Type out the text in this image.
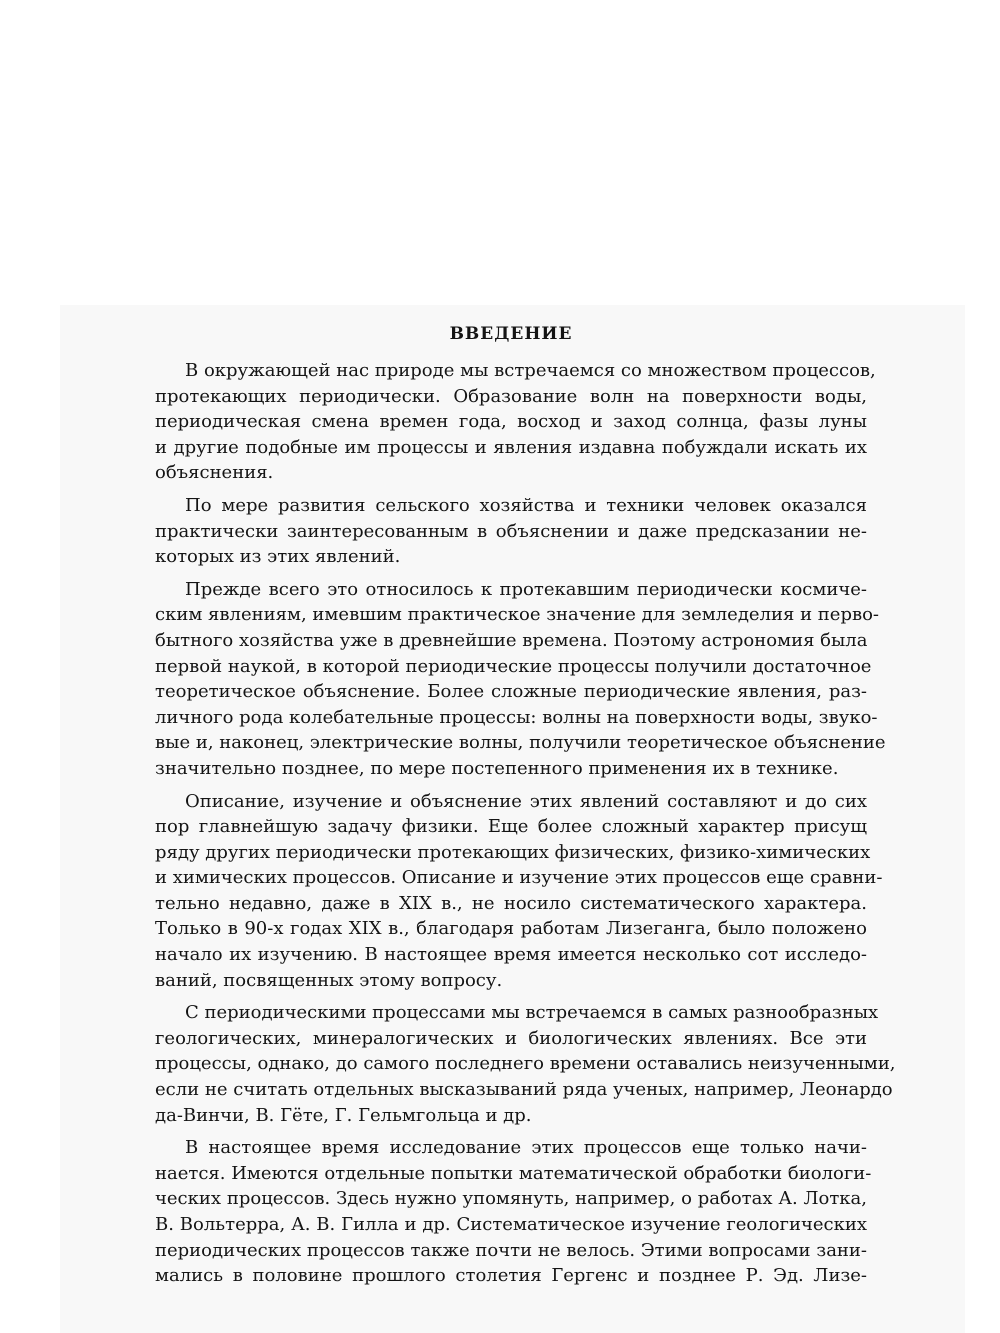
ВВЕДЕНИЕ
В окружающей нас природе мы встречаемся со множеством процессов,
протекающих периодически. Образование волн на поверхности воды,
периодическая смена времен года, восход и заход солнца, фазы луны
и другие подобные им процессы и явления издавна побуждали искать их
объяснения.
По мере развития сельского хозяйства и техники человек оказался
практически заинтересованным в объяснении и даже предсказании не-
которых из этих явлений.
Прежде всего это относилось к протекавшим периодически космиче-
ским явлениям, имевшим практическое значение для земледелия и перво-
бытного хозяйства уже в древнейшие времена. Поэтому астрономия была
первой наукой, в которой периодические процессы получили достаточное
теоретическое объяснение. Более сложные периодические явления, раз-
личного рода колебательные процессы: волны на поверхности воды, звуко-
вые и, наконец, электрические волны, получили теоретическое объяснение
значительно позднее, по мере постепенного применения их в технике.
Описание, изучение и объяснение этих явлений составляют и до сих
пор главнейшую задачу физики. Еще более сложный характер присущ
ряду других периодически протекающих физических, физико-химических
и химических процессов. Описание и изучение этих процессов еще сравни-
тельно недавно, даже в XIX в., не носило систематического характера.
Только в 90-х годах XIX в., благодаря работам Лизеганга, было положено
начало их изучению. В настоящее время имеется несколько сот исследо-
ваний, посвященных этому вопросу.
С периодическими процессами мы встречаемся в самых разнообразных
геологических, минералогических и биологических явлениях. Все эти
процессы, однако, до самого последнего времени оставались неизученными,
если не считать отдельных высказываний ряда ученых, например, Леонардо
да-Винчи, В. Гёте, Г. Гельмгольца и др.
В настоящее время исследование этих процессов еще только начи-
нается. Имеются отдельные попытки математической обработки биологи-
ческих процессов. Здесь нужно упомянуть, например, о работах А. Лотка,
В. Вольтерра, А. В. Гилла и др. Систематическое изучение геологических
периодических процессов также почти не велось. Этими вопросами зани-
мались в половине прошлого столетия Гергенс и позднее Р. Эд. Лизе-
